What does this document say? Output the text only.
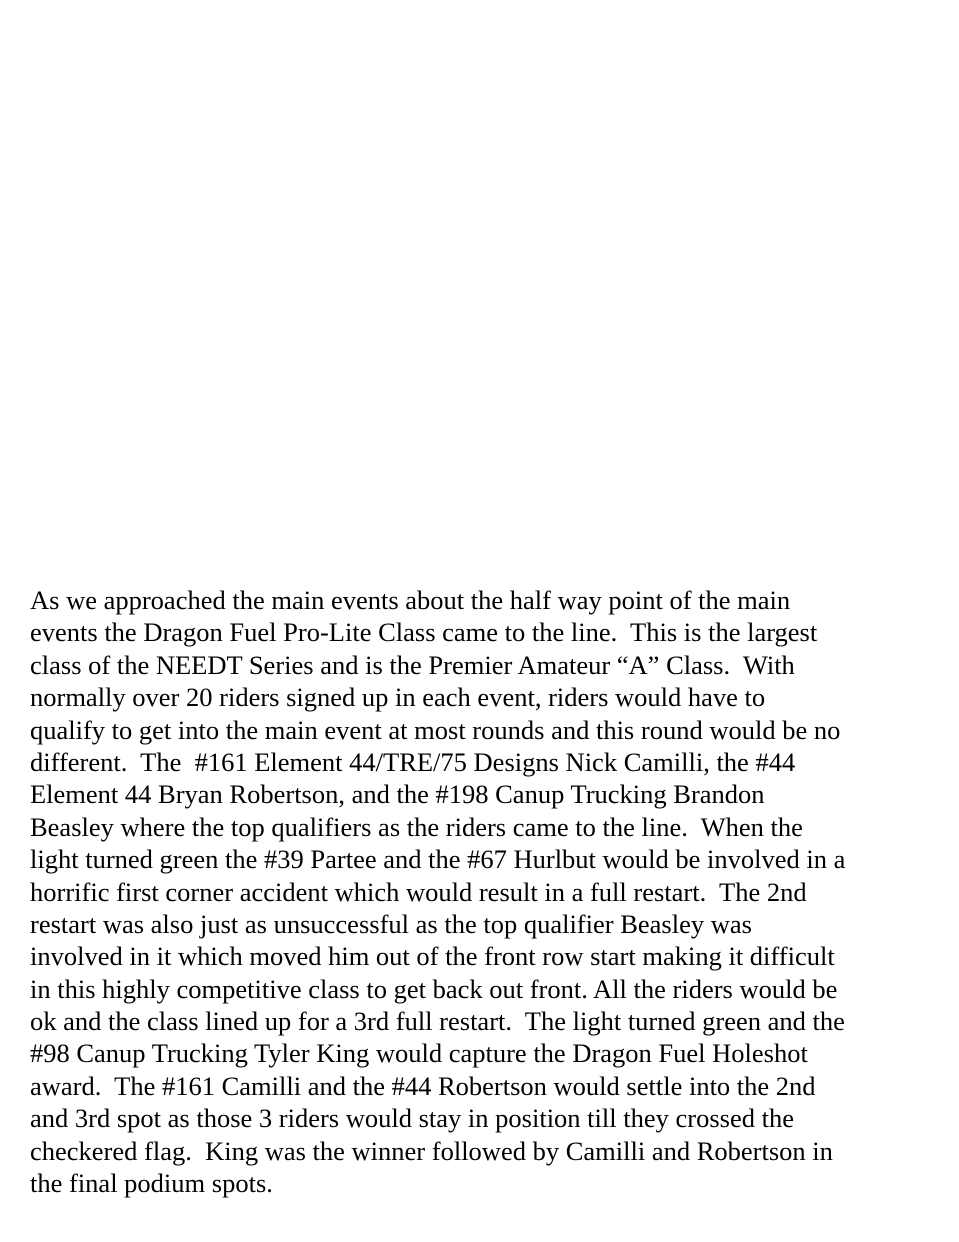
As we approached the main events about the half way point of the main
events the Dragon Fuel Pro-Lite Class came to the line.  This is the largest
class of the NEEDT Series and is the Premier Amateur “A” Class.  With
normally over 20 riders signed up in each event, riders would have to
qualify to get into the main event at most rounds and this round would be no
different.  The  #161 Element 44/TRE/75 Designs Nick Camilli, the #44
Element 44 Bryan Robertson, and the #198 Canup Trucking Brandon
Beasley where the top qualifiers as the riders came to the line.  When the
light turned green the #39 Partee and the #67 Hurlbut would be involved in a
horrific first corner accident which would result in a full restart.  The 2nd
restart was also just as unsuccessful as the top qualifier Beasley was
involved in it which moved him out of the front row start making it difficult
in this highly competitive class to get back out front. All the riders would be
ok and the class lined up for a 3rd full restart.  The light turned green and the
#98 Canup Trucking Tyler King would capture the Dragon Fuel Holeshot
award.  The #161 Camilli and the #44 Robertson would settle into the 2nd
and 3rd spot as those 3 riders would stay in position till they crossed the
checkered flag.  King was the winner followed by Camilli and Robertson in
the final podium spots.
